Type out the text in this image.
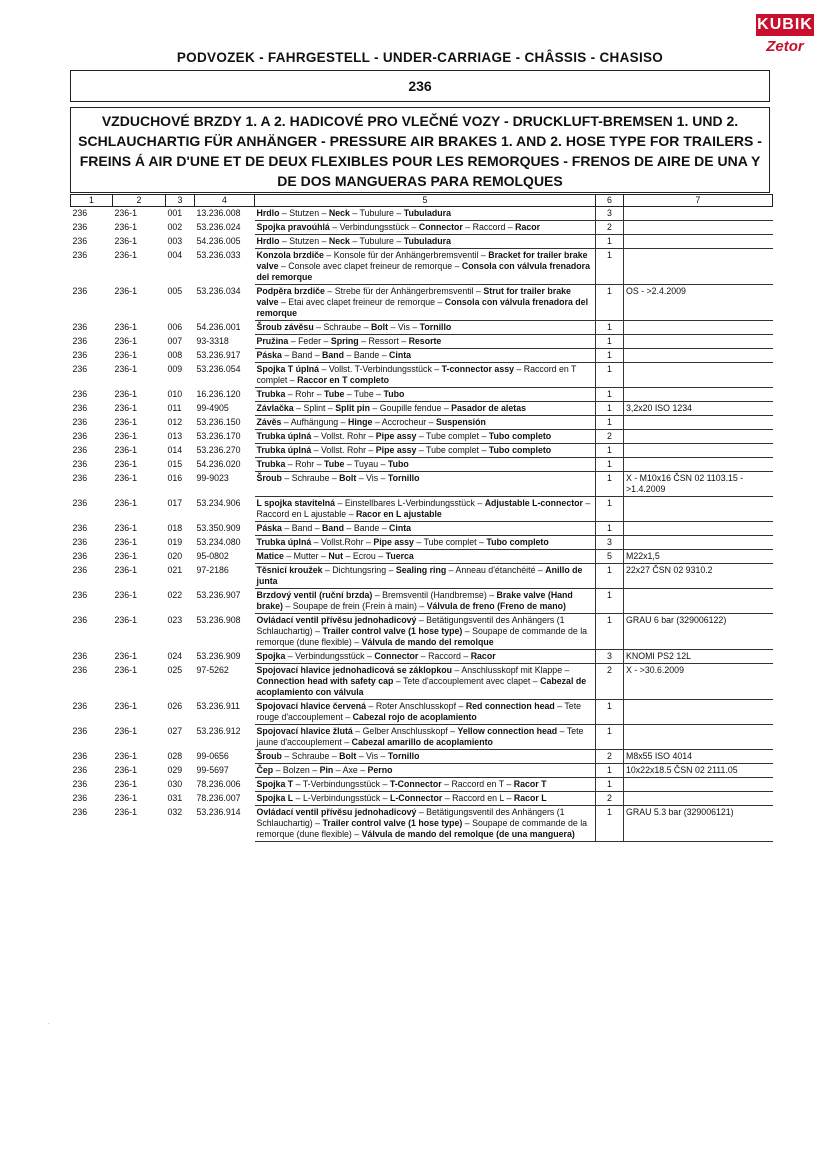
KUBIK
Zetor
PODVOZEK - FAHRGESTELL - UNDER-CARRIAGE - CHÂSSIS - CHASISO
236
VZDUCHOVÉ BRZDY 1. A 2. HADICOVÉ PRO VLEČNÉ VOZY - DRUCKLUFT-BREMSEN 1. UND 2. SCHLAUCHARTIG FÜR ANHÄNGER - PRESSURE AIR BRAKES 1. AND 2. HOSE TYPE FOR TRAILERS - FREINS Á AIR D'UNE ET DE DEUX FLEXIBLES POUR LES REMORQUES - FRENOS DE AIRE DE UNA Y DE DOS MANGUERAS PARA REMOLQUES
1	2	3	4	5	6	7
236	236-1	001	13.236.008	Hrdlo – Stutzen – Neck – Tubulure – Tubuladura	3	
236	236-1	002	53.236.024	Spojka pravoúhlá – Verbindungsstück – Connector – Raccord – Racor	2	
236	236-1	003	54.236.005	Hrdlo – Stutzen – Neck – Tubulure – Tubuladura	1	
236	236-1	004	53.236.033	Konzola brzdiče – Konsole für der Anhängerbremsventil – Bracket for trailer brake valve – Console avec clapet freineur de remorque – Consola con válvula frenadora del remorque	1	
236	236-1	005	53.236.034	Podpěra brzdiče – Strebe für der Anhängerbremsventil – Strut for trailer brake valve – Etai avec clapet freineur de remorque – Consola con válvula frenadora del remorque	1	OS - >2.4.2009
236	236-1	006	54.236.001	Šroub závěsu – Schraube – Bolt – Vis – Tornillo	1	
236	236-1	007	93-3318	Pružina – Feder – Spring – Ressort – Resorte	1	
236	236-1	008	53.236.917	Páska – Band – Band – Bande – Cinta	1	
236	236-1	009	53.236.054	Spojka T úplná – Vollst. T-Verbindungsstück – T-connector assy – Raccord en T complet – Raccor en T completo	1	
236	236-1	010	16.236.120	Trubka – Rohr – Tube – Tube – Tubo	1	
236	236-1	011	99-4905	Závlačka – Splint – Split pin – Goupille fendue – Pasador de aletas	1	3,2x20 ISO 1234
236	236-1	012	53.236.150	Závěs – Aufhängung – Hinge – Accrocheur – Suspensión	1	
236	236-1	013	53.236.170	Trubka úplná – Vollst. Rohr – Pipe assy – Tube complet – Tubo completo	2	
236	236-1	014	53.236.270	Trubka úplná – Vollst. Rohr – Pipe assy – Tube complet – Tubo completo	1	
236	236-1	015	54.236.020	Trubka – Rohr – Tube – Tuyau – Tubo	1	
236	236-1	016	99-9023	Šroub – Schraube – Bolt – Vis – Tornillo	1	X - M10x16 ČSN 02 1103.15 - >1.4.2009
236	236-1	017	53.234.906	L spojka stavitelná – Einstellbares L-Verbindungsstück – Adjustable L-connector – Raccord en L ajustable – Racor en L ajustable	1	
236	236-1	018	53.350.909	Páska – Band – Band – Bande – Cinta	1	
236	236-1	019	53.234.080	Trubka úplná – Vollst.Rohr – Pipe assy – Tube complet – Tubo completo	3	
236	236-1	020	95-0802	Matice – Mutter – Nut – Ecrou – Tuerca	5	M22x1,5
236	236-1	021	97-2186	Těsnicí kroužek – Dichtungsring – Sealing ring – Anneau d'étanchéité – Anillo de junta	1	22x27 ČSN 02 9310.2
236	236-1	022	53.236.907	Brzdový ventil (ruční brzda) – Bremsventil (Handbremse) – Brake valve (Hand brake) – Soupape de frein (Frein à main) – Válvula de freno (Freno de mano)	1	
236	236-1	023	53.236.908	Ovládací ventil přívěsu jednohadicový – Betätigungsventil des Anhängers (1 Schlauchartig) – Trailer control valve (1 hose type) – Soupape de commande de la remorque (dune flexible) – Válvula de mando del remolque	1	GRAU 6 bar (329006122)
236	236-1	024	53.236.909	Spojka – Verbindungsstück – Connector – Raccord – Racor	3	KNOMI PS2 12L
236	236-1	025	97-5262	Spojovací hlavice jednohadicová se záklopkou – Anschlusskopf mit Klappe – Connection head with safety cap – Tete d'accouplement avec clapet – Cabezal de acoplamiento con válvula	2	X - >30.6.2009
236	236-1	026	53.236.911	Spojovací hlavice červená – Roter Anschlusskopf – Red connection head – Tete rouge d'accouplement – Cabezal rojo de acoplamiento	1	
236	236-1	027	53.236.912	Spojovací hlavice žlutá – Gelber Anschlusskopf – Yellow connection head – Tete jaune d'accouplement – Cabezal amarillo de acoplamiento	1	
236	236-1	028	99-0656	Šroub – Schraube – Bolt – Vis – Tornillo	2	M8x55 ISO 4014
236	236-1	029	99-5697	Čep – Bolzen – Pin – Axe – Perno	1	10x22x18.5 ČSN 02 2111.05
236	236-1	030	78.236.006	Spojka T – T-Verbindungsstück – T-Connector – Raccord en T – Racor T	1	
236	236-1	031	78.236.007	Spojka L – L-Verbindungsstück – L-Connector – Raccord en L – Racor L	2	
236	236-1	032	53.236.914	Ovládací ventil přívěsu jednohadicový – Betätigungsventil des Anhängers (1 Schlauchartig) – Trailer control valve (1 hose type) – Soupape de commande de la remorque (dune flexible) – Válvula de mando del remolque (de una manguera)	1	GRAU 5.3 bar (329006121)
.
